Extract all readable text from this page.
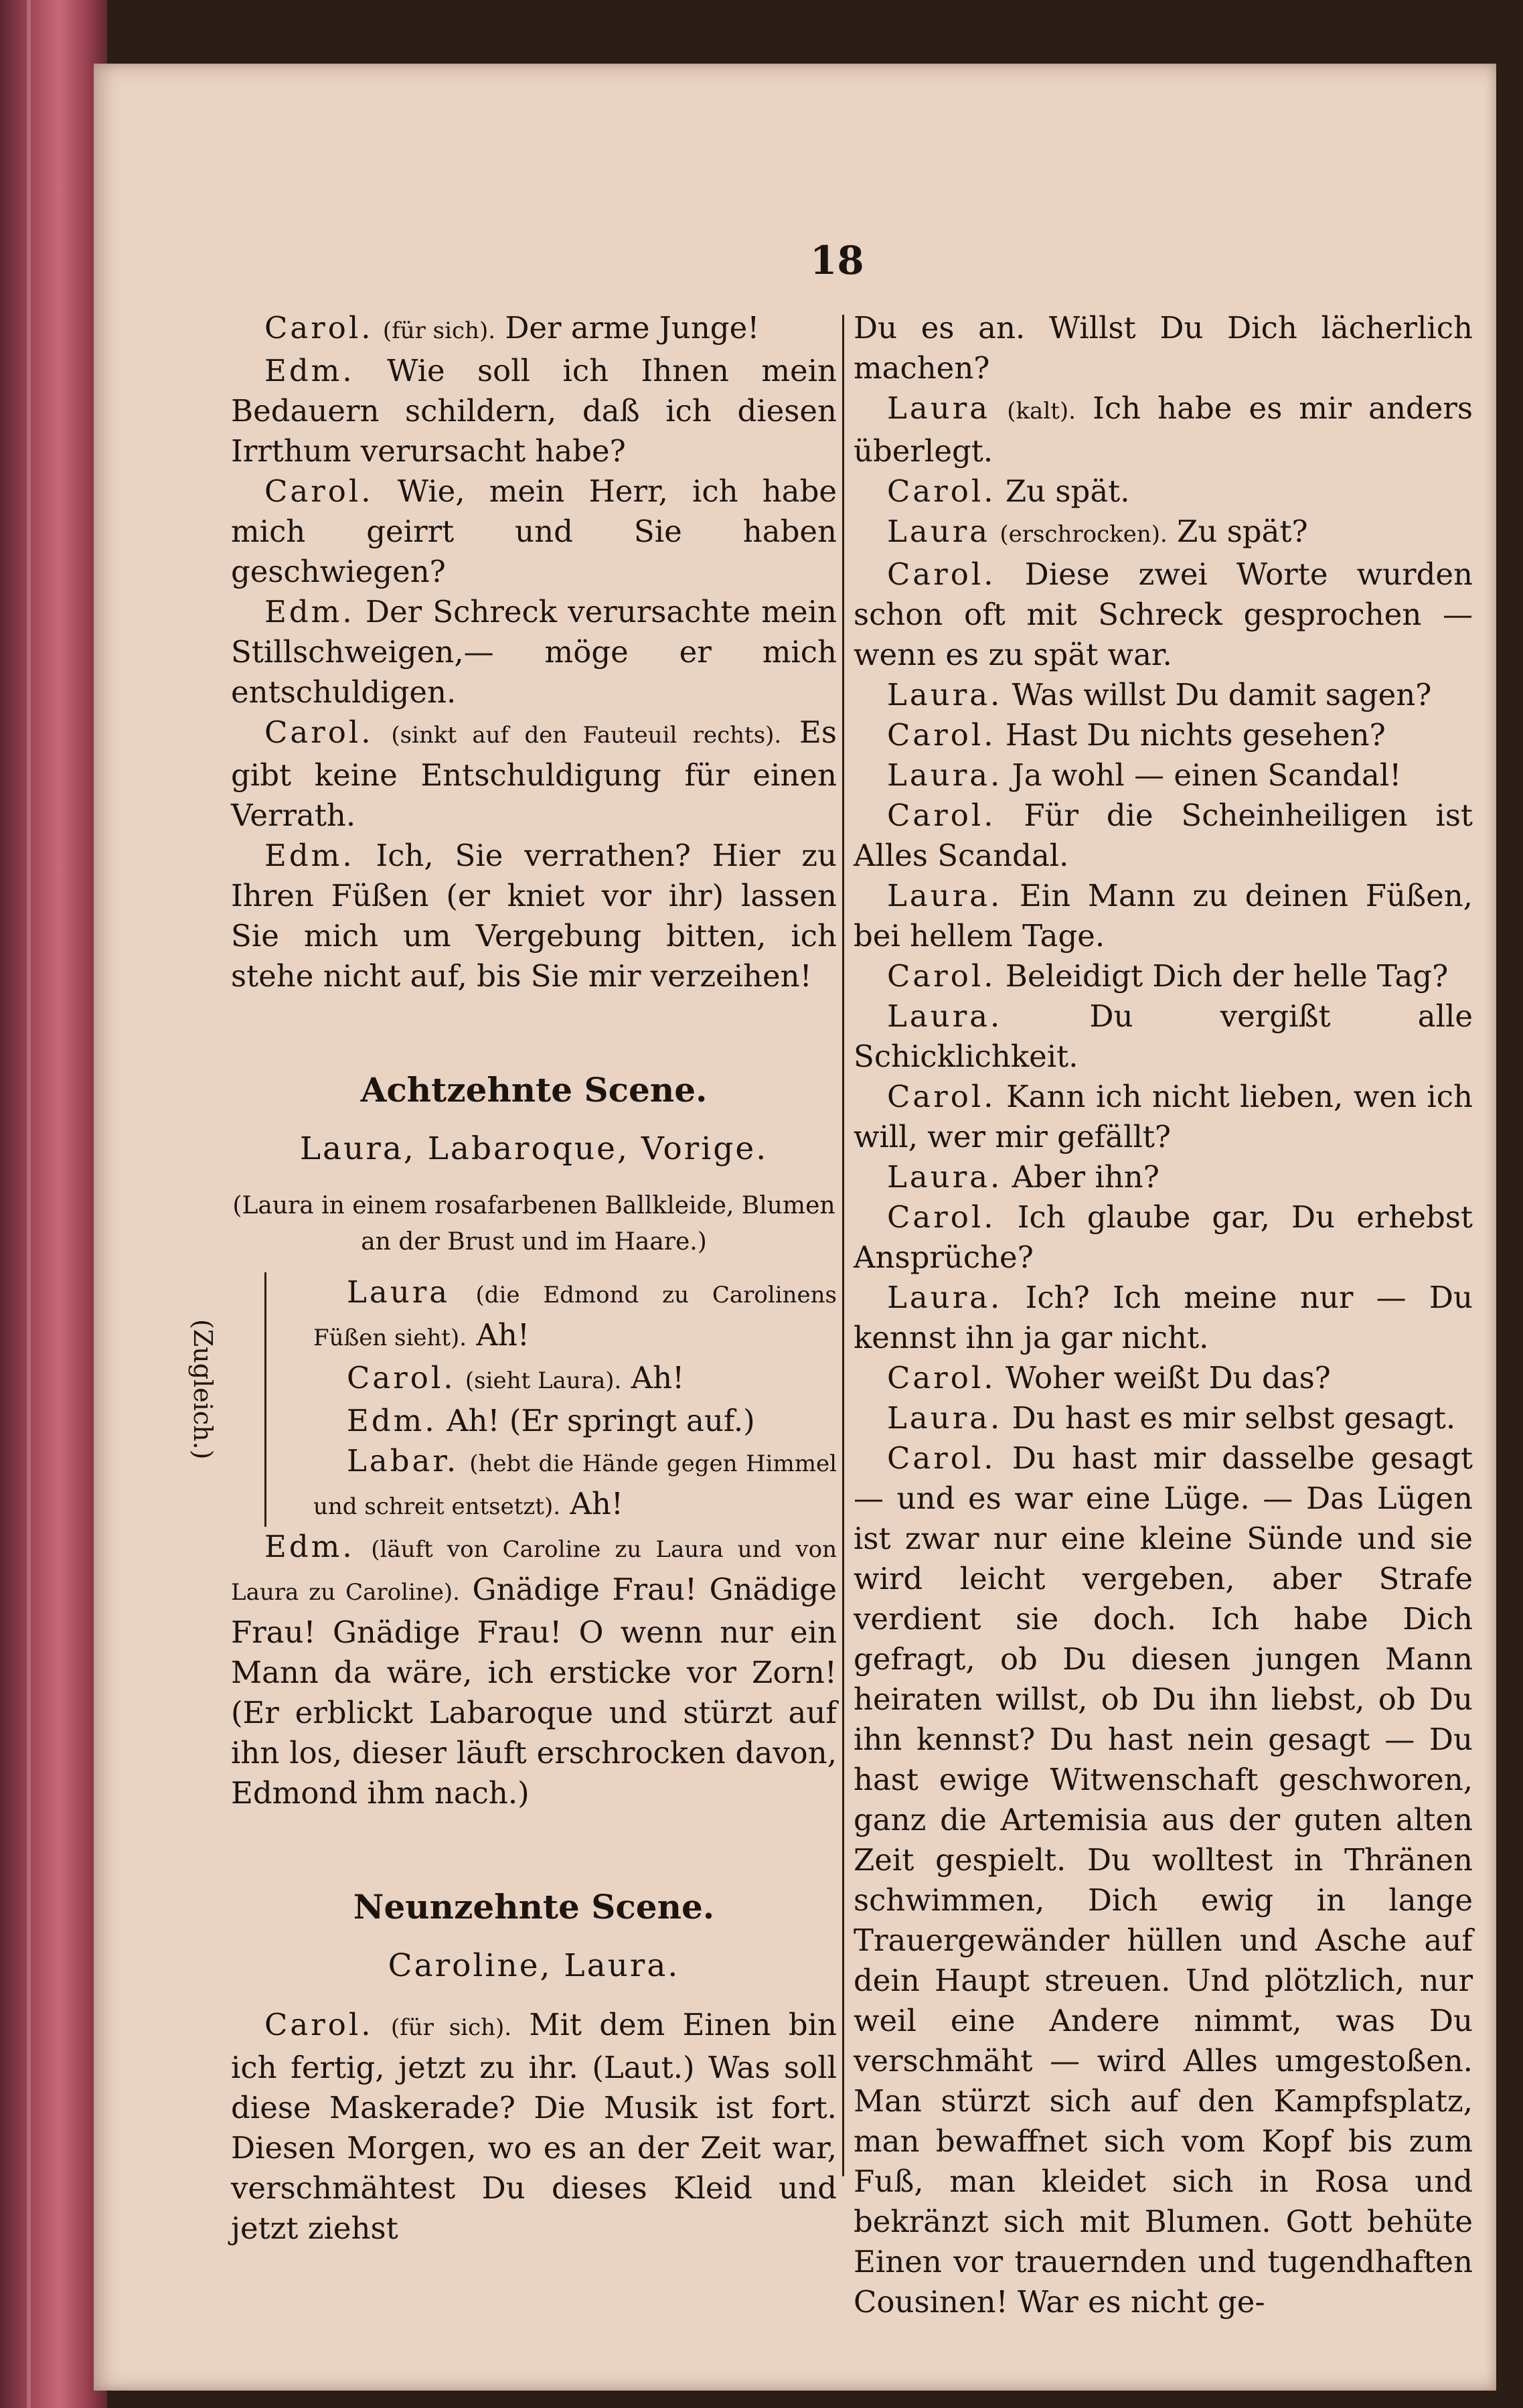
18

Carol. (für sich). Der arme Junge!

Edm. Wie soll ich Ihnen mein Bedauern schildern, daß ich diesen Irrthum verursacht habe?

Carol. Wie, mein Herr, ich habe mich geirrt und Sie haben geschwiegen?

Edm. Der Schreck verursachte mein Stillschweigen,— möge er mich entschuldigen.

Carol. (sinkt auf den Fauteuil rechts). Es gibt keine Entschuldigung für einen Verrath.

Edm. Ich, Sie verrathen? Hier zu Ihren Füßen (er kniet vor ihr) lassen Sie mich um Vergebung bitten, ich stehe nicht auf, bis Sie mir verzeihen!

Achtzehnte Scene.
Laura, Labaroque, Vorige.
(Laura in einem rosafarbenen Ballkleide, Blumen an der Brust und im Haare.)
(Zugleich.)

Laura (die Edmond zu Carolinens Füßen sieht). Ah!

Carol. (sieht Laura). Ah!

Edm. Ah! (Er springt auf.)

Labar. (hebt die Hände gegen Himmel und schreit entsetzt). Ah!

Edm. (läuft von Caroline zu Laura und von Laura zu Caroline). Gnädige Frau! Gnädige Frau! Gnädige Frau! O wenn nur ein Mann da wäre, ich ersticke vor Zorn! (Er erblickt Labaroque und stürzt auf ihn los, dieser läuft erschrocken davon, Edmond ihm nach.)

Neunzehnte Scene.
Caroline, Laura.

Carol. (für sich). Mit dem Einen bin ich fertig, jetzt zu ihr. (Laut.) Was soll diese Maskerade? Die Musik ist fort. Diesen Morgen, wo es an der Zeit war, verschmähtest Du dieses Kleid und jetzt ziehst

Du es an. Willst Du Dich lächerlich machen?

Laura (kalt). Ich habe es mir anders überlegt.

Carol. Zu spät.

Laura (erschrocken). Zu spät?

Carol. Diese zwei Worte wurden schon oft mit Schreck gesprochen — wenn es zu spät war.

Laura. Was willst Du damit sagen?

Carol. Hast Du nichts gesehen?

Laura. Ja wohl — einen Scandal!

Carol. Für die Scheinheiligen ist Alles Scandal.

Laura. Ein Mann zu deinen Füßen, bei hellem Tage.

Carol. Beleidigt Dich der helle Tag?

Laura.	Du vergißt alle Schicklichkeit.

Carol. Kann ich nicht lieben, wen ich will, wer mir gefällt?

Laura. Aber ihn?

Carol. Ich glaube gar, Du erhebst Ansprüche?

Laura. Ich? Ich meine nur — Du kennst ihn ja gar nicht.

Carol. Woher weißt Du das?

Laura. Du hast es mir selbst gesagt.

Carol. Du hast mir dasselbe gesagt — und es war eine Lüge. — Das Lügen ist zwar nur eine kleine Sünde und sie wird leicht vergeben, aber Strafe verdient sie doch. Ich habe Dich gefragt, ob Du diesen jungen Mann heiraten willst, ob Du ihn liebst, ob Du ihn kennst? Du hast nein gesagt — Du hast ewige Witwenschaft geschworen, ganz die Artemisia aus der guten alten Zeit gespielt. Du wolltest in Thränen schwimmen, Dich ewig in lange Trauergewänder hüllen und Asche auf dein Haupt streuen. Und plötzlich, nur weil eine Andere nimmt, was Du verschmäht — wird Alles umgestoßen. Man stürzt sich auf den Kampfsplatz, man bewaffnet sich vom Kopf bis zum Fuß, man kleidet sich in Rosa und bekränzt sich mit Blumen. Gott behüte Einen vor trauernden und tugendhaften Cousinen! War es nicht ge-
